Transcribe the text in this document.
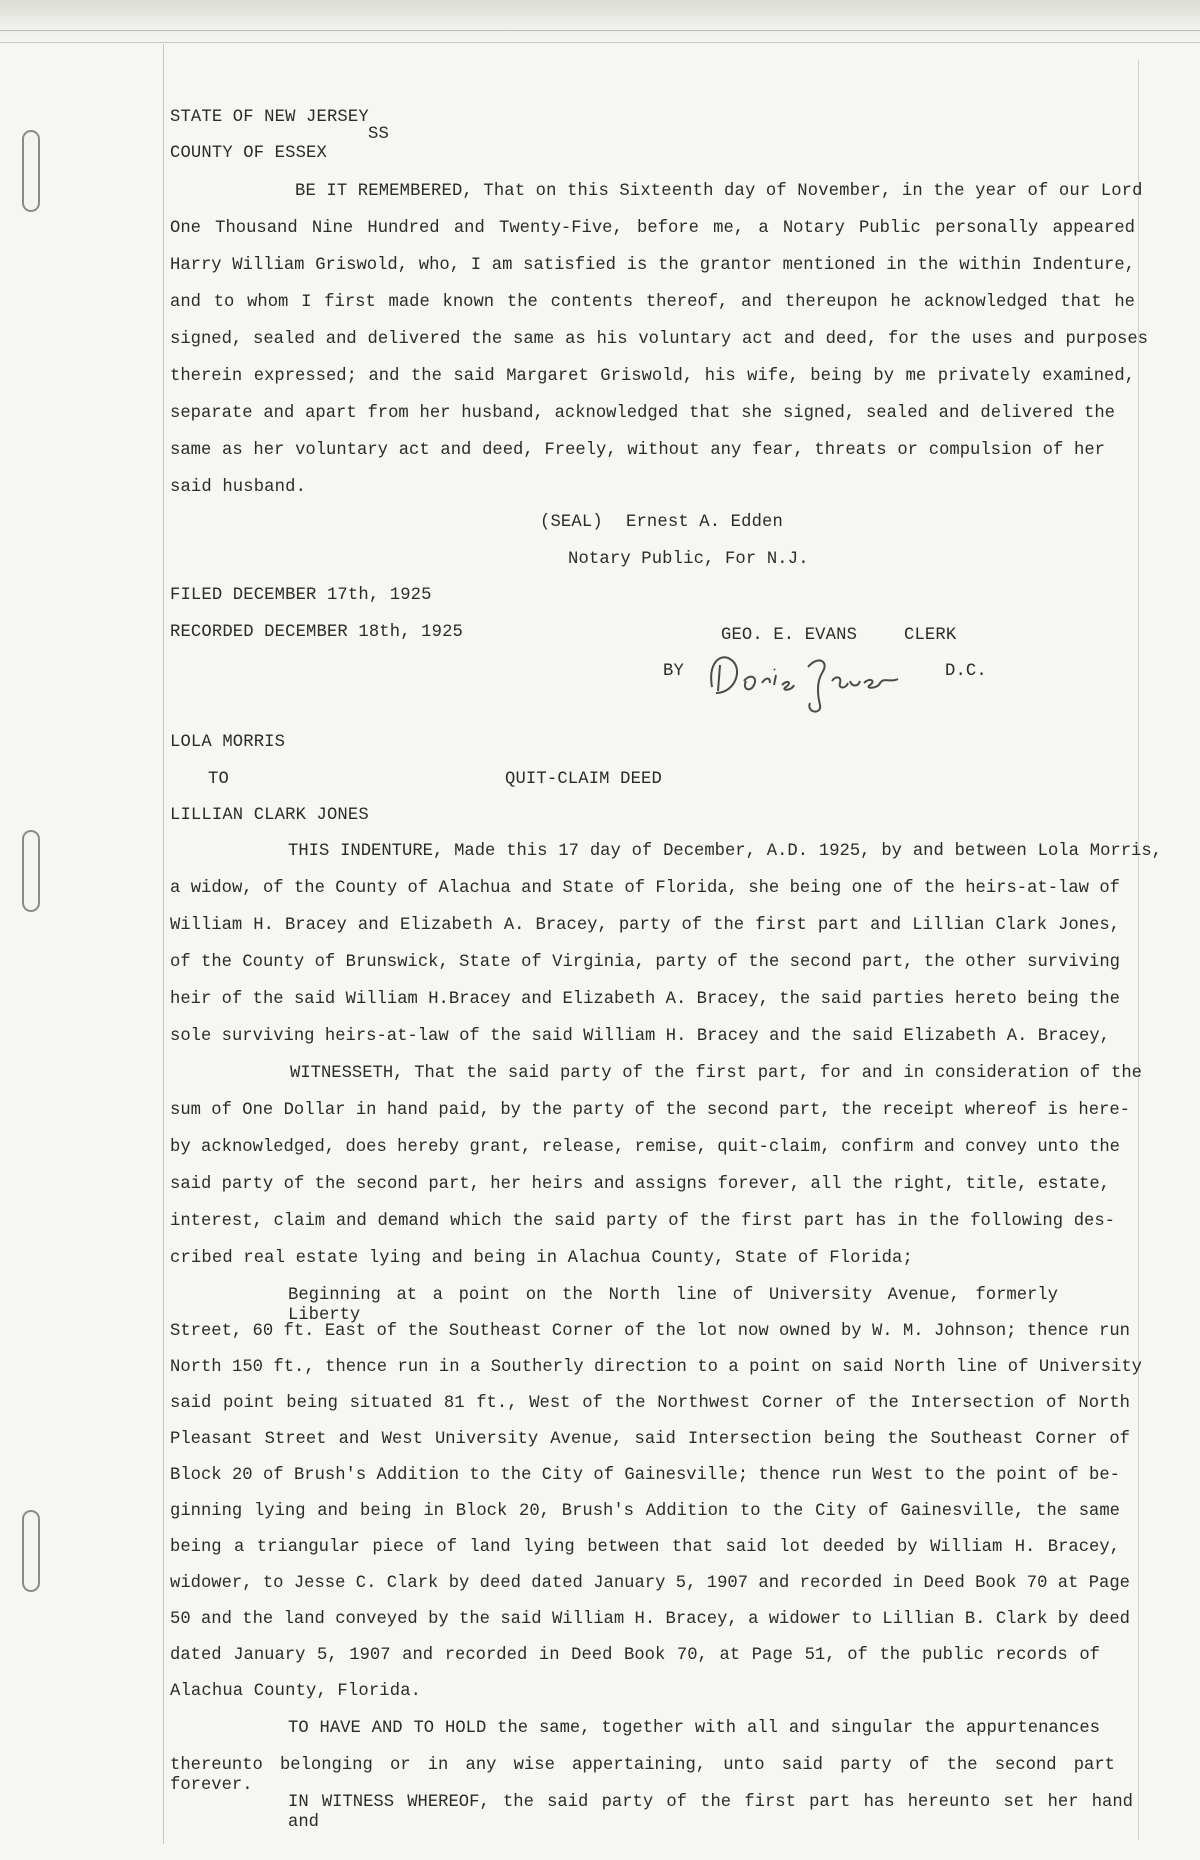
STATE OF NEW JERSEY
SS
COUNTY OF ESSEX
BE IT REMEMBERED, That on this Sixteenth day of November, in the year of our Lord
One Thousand Nine Hundred and Twenty-Five, before me, a Notary Public personally appeared
Harry William Griswold, who, I am satisfied is the grantor mentioned in the within Indenture,
and to whom I first made known the contents thereof, and thereupon he acknowledged that he
signed, sealed and delivered the same as his voluntary act and deed, for the uses and purposes
therein expressed; and the said Margaret Griswold, his wife, being by me privately examined,
separate and apart from her husband, acknowledged that she signed, sealed and delivered the
same as her voluntary act and deed, Freely, without any fear, threats or compulsion of her
said husband.
(SEAL) Ernest A. Edden
Notary Public, For N.J.
FILED DECEMBER 17th, 1925
RECORDED DECEMBER 18th, 1925	GEO. E. EVANS	CLERK
BY	D.C.
LOLA MORRIS
TO	QUIT-CLAIM DEED
LILLIAN CLARK JONES
THIS INDENTURE, Made this 17 day of December, A.D. 1925, by and between Lola Morris,
a widow, of the County of Alachua and State of Florida, she being one of the heirs-at-law of
William H. Bracey and Elizabeth A. Bracey, party of the first part and Lillian Clark Jones,
of the County of Brunswick, State of Virginia, party of the second part, the other surviving
heir of the said William H.Bracey and Elizabeth A. Bracey, the said parties hereto being the
sole surviving heirs-at-law of the said William H. Bracey and the said Elizabeth A. Bracey,
WITNESSETH, That the said party of the first part, for and in consideration of the
sum of One Dollar in hand paid, by the party of the second part, the receipt whereof is here-
by acknowledged, does hereby grant, release, remise, quit-claim, confirm and convey unto the
said party of the second part, her heirs and assigns forever, all the right, title, estate,
interest, claim and demand which the said party of the first part has in the following des-
cribed real estate lying and being in Alachua County, State of Florida;
Beginning at a point on the North line of University Avenue, formerly Liberty
Street, 60 ft. East of the Southeast Corner of the lot now owned by W. M. Johnson; thence run
North 150 ft., thence run in a Southerly direction to a point on said North line of University
said point being situated 81 ft., West of the Northwest Corner of the Intersection of North
Pleasant Street and West University Avenue, said Intersection being the Southeast Corner of
Block 20 of Brush's Addition to the City of Gainesville; thence run West to the point of be-
ginning lying and being in Block 20, Brush's Addition to the City of Gainesville, the same
being a triangular piece of land lying between that said lot deeded by William H. Bracey,
widower, to Jesse C. Clark by deed dated January 5, 1907 and recorded in Deed Book 70 at Page
50 and the land conveyed by the said William H. Bracey, a widower to Lillian B. Clark by deed
dated January 5, 1907 and recorded in Deed Book 70, at Page 51, of the public records of
Alachua County, Florida.
TO HAVE AND TO HOLD the same, together with all and singular the appurtenances
thereunto belonging or in any wise appertaining, unto said party of the second part forever.
IN WITNESS WHEREOF, the said party of the first part has hereunto set her hand and
